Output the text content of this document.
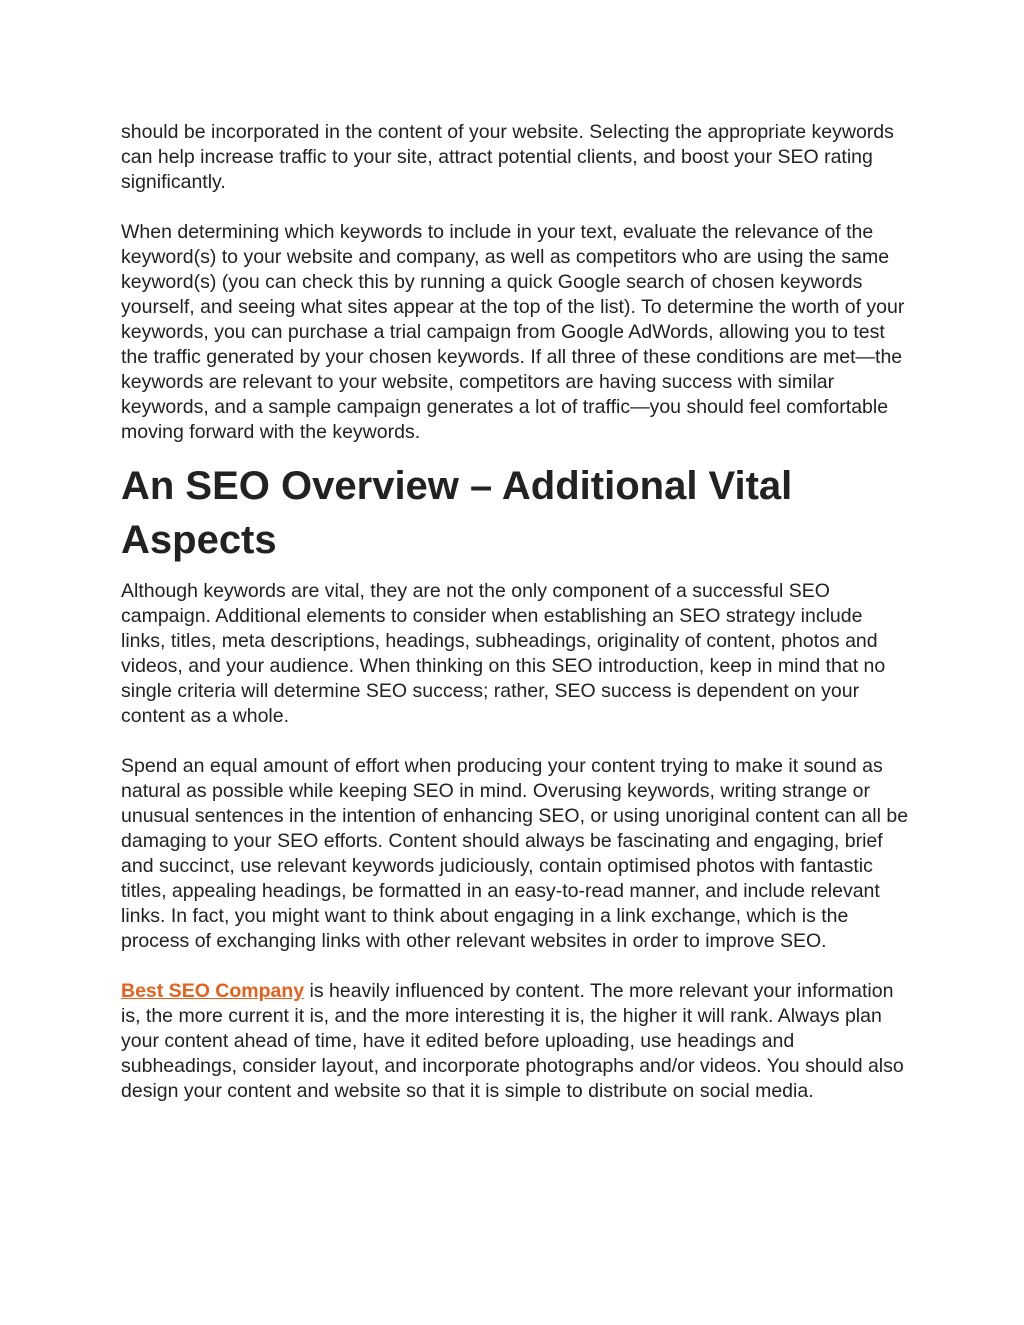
should be incorporated in the content of your website. Selecting the appropriate keywords can help increase traffic to your site, attract potential clients, and boost your SEO rating significantly.

When determining which keywords to include in your text, evaluate the relevance of the keyword(s) to your website and company, as well as competitors who are using the same keyword(s) (you can check this by running a quick Google search of chosen keywords yourself, and seeing what sites appear at the top of the list). To determine the worth of your keywords, you can purchase a trial campaign from Google AdWords, allowing you to test the traffic generated by your chosen keywords. If all three of these conditions are met—the keywords are relevant to your website, competitors are having success with similar keywords, and a sample campaign generates a lot of traffic—you should feel comfortable moving forward with the keywords.

An SEO Overview – Additional Vital Aspects

Although keywords are vital, they are not the only component of a successful SEO campaign. Additional elements to consider when establishing an SEO strategy include links, titles, meta descriptions, headings, subheadings, originality of content, photos and videos, and your audience. When thinking on this SEO introduction, keep in mind that no single criteria will determine SEO success; rather, SEO success is dependent on your content as a whole.

Spend an equal amount of effort when producing your content trying to make it sound as natural as possible while keeping SEO in mind. Overusing keywords, writing strange or unusual sentences in the intention of enhancing SEO, or using unoriginal content can all be damaging to your SEO efforts. Content should always be fascinating and engaging, brief and succinct, use relevant keywords judiciously, contain optimised photos with fantastic titles, appealing headings, be formatted in an easy-to-read manner, and include relevant links. In fact, you might want to think about engaging in a link exchange, which is the process of exchanging links with other relevant websites in order to improve SEO.

Best SEO Company is heavily influenced by content. The more relevant your information is, the more current it is, and the more interesting it is, the higher it will rank. Always plan your content ahead of time, have it edited before uploading, use headings and subheadings, consider layout, and incorporate photographs and/or videos. You should also design your content and website so that it is simple to distribute on social media.
